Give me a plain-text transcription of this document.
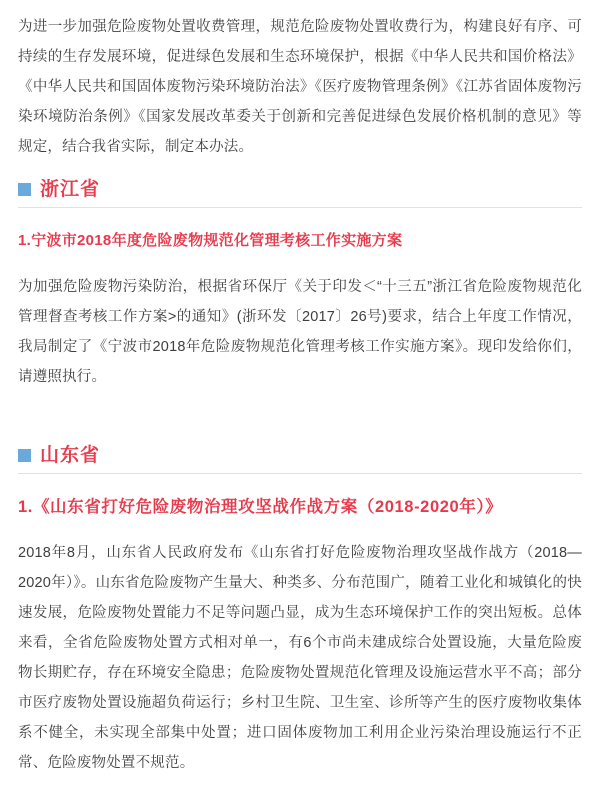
为进一步加强危险废物处置收费管理，规范危险废物处置收费行为，构建良好有序、可持续的生存发展环境，促进绿色发展和生态环境保护，根据《中华人民共和国价格法》《中华人民共和国固体废物污染环境防治法》《医疗废物管理条例》《江苏省固体废物污染环境防治条例》《国家发展改革委关于创新和完善促进绿色发展价格机制的意见》等规定，结合我省实际，制定本办法。

浙江省
1.宁波市2018年度危险废物规范化管理考核工作实施方案

为加强危险废物污染防治，根据省环保厅《关于印发＜“十三五”浙江省危险废物规范化管理督查考核工作方案>的通知》(浙环发〔2017〕26号)要求，结合上年度工作情况，我局制定了《宁波市2018年危险废物规范化管理考核工作实施方案》。现印发给你们，请遵照执行。

山东省
1.《山东省打好危险废物治理攻坚战作战方案（2018-2020年）》

2018年8月，山东省人民政府发布《山东省打好危险废物治理攻坚战作战方（2018—2020年）》。山东省危险废物产生量大、种类多、分布范围广，随着工业化和城镇化的快速发展，危险废物处置能力不足等问题凸显，成为生态环境保护工作的突出短板。总体来看，全省危险废物处置方式相对单一，有6个市尚未建成综合处置设施，大量危险废物长期贮存，存在环境安全隐患；危险废物处置规范化管理及设施运营水平不高；部分市医疗废物处置设施超负荷运行；乡村卫生院、卫生室、诊所等产生的医疗废物收集体系不健全，未实现全部集中处置；进口固体废物加工利用企业污染治理设施运行不正常、危险废物处置不规范。
